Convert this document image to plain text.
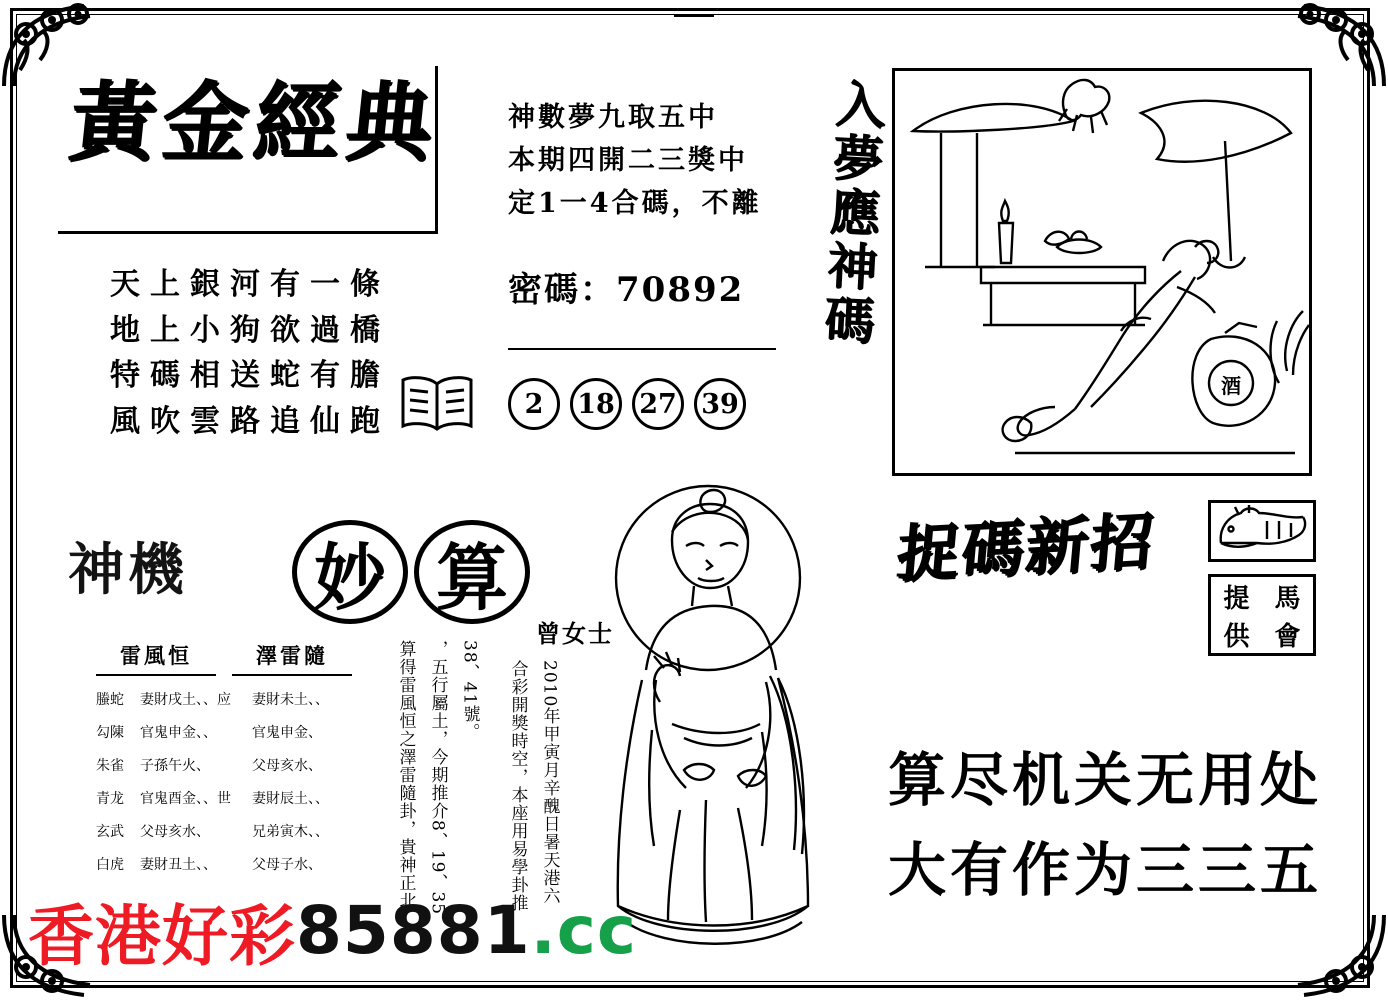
黃金經典
天上銀河有一條
地上小狗欲過橋
特碼相送蛇有膽
風吹雲路追仙跑
神數夢九取五中
本期四開二三獎中
定1一4合碼，不離
密碼：70892
2	18 27 39
入夢應神碼
酒
捉碼新招
提 馬
供 會
算尽机关无用处
大有作为三三五
神機	妙 算
曾女士
雷風恒	澤雷隨
螣蛇	妻財戌土、、应	妻財未土、、
勾陳	官鬼申金、、	官鬼申金、
朱雀	子孫午火、	父母亥水、
青龙	官鬼酉金、、世	妻財辰土、、
玄武	父母亥水、	兄弟寅木、、
白虎	妻財丑土、、	父母子水、
38、41號。
，五行屬土，今期推介8、19、35、
算得雷風恒之澤雷隨卦，貴神正北	合彩開獎時空，本座用易學卦推 2010年甲寅月辛醜日暑天港六
香港好彩 85881 .cc
